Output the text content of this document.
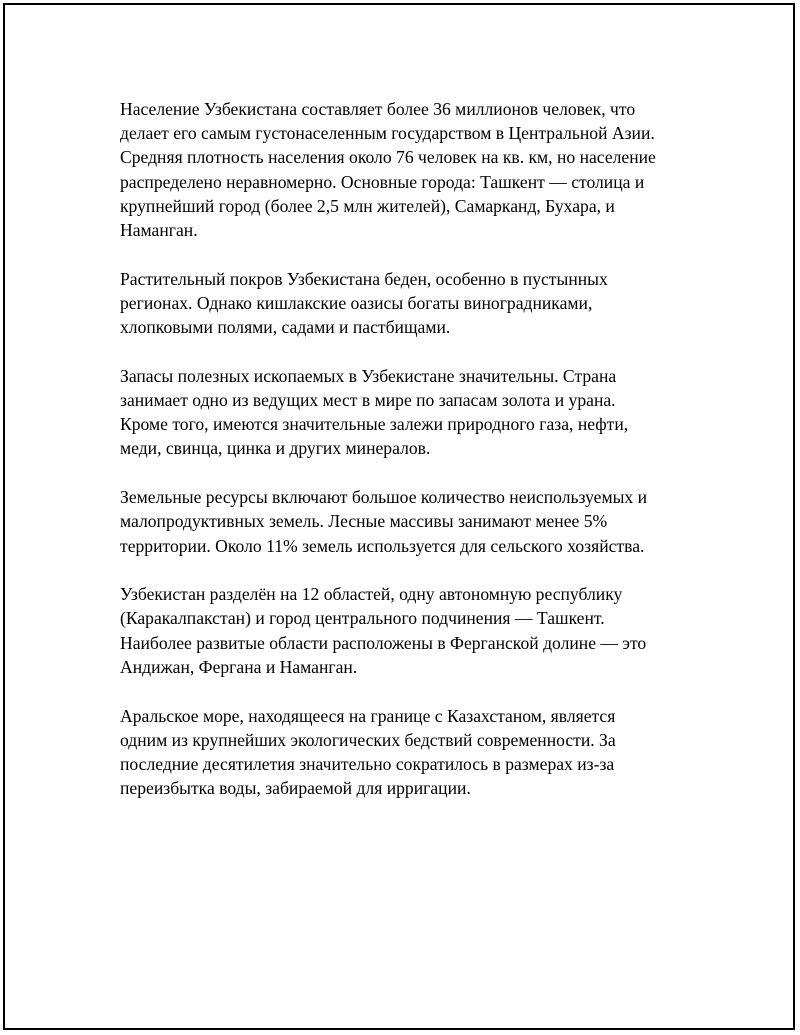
Население Узбекистана составляет более 36 миллионов человек, что
делает его самым густонаселенным государством в Центральной Азии.
Средняя плотность населения около 76 человек на кв. км, но население
распределено неравномерно. Основные города: Ташкент — столица и
крупнейший город (более 2,5 млн жителей), Самарканд, Бухара, и
Наманган.

Растительный покров Узбекистана беден, особенно в пустынных
регионах. Однако кишлакские оазисы богаты виноградниками,
хлопковыми полями, садами и пастбищами.

Запасы полезных ископаемых в Узбекистане значительны. Страна
занимает одно из ведущих мест в мире по запасам золота и урана.
Кроме того, имеются значительные залежи природного газа, нефти,
меди, свинца, цинка и других минералов.

Земельные ресурсы включают большое количество неиспользуемых и
малопродуктивных земель. Лесные массивы занимают менее 5%
территории. Около 11% земель используется для сельского хозяйства.

Узбекистан разделён на 12 областей, одну автономную республику
(Каракалпакстан) и город центрального подчинения — Ташкент.
Наиболее развитые области расположены в Ферганской долине — это
Андижан, Фергана и Наманган.

Аральское море, находящееся на границе с Казахстаном, является
одним из крупнейших экологических бедствий современности. За
последние десятилетия значительно сократилось в размерах из-за
переизбытка воды, забираемой для ирригации.
